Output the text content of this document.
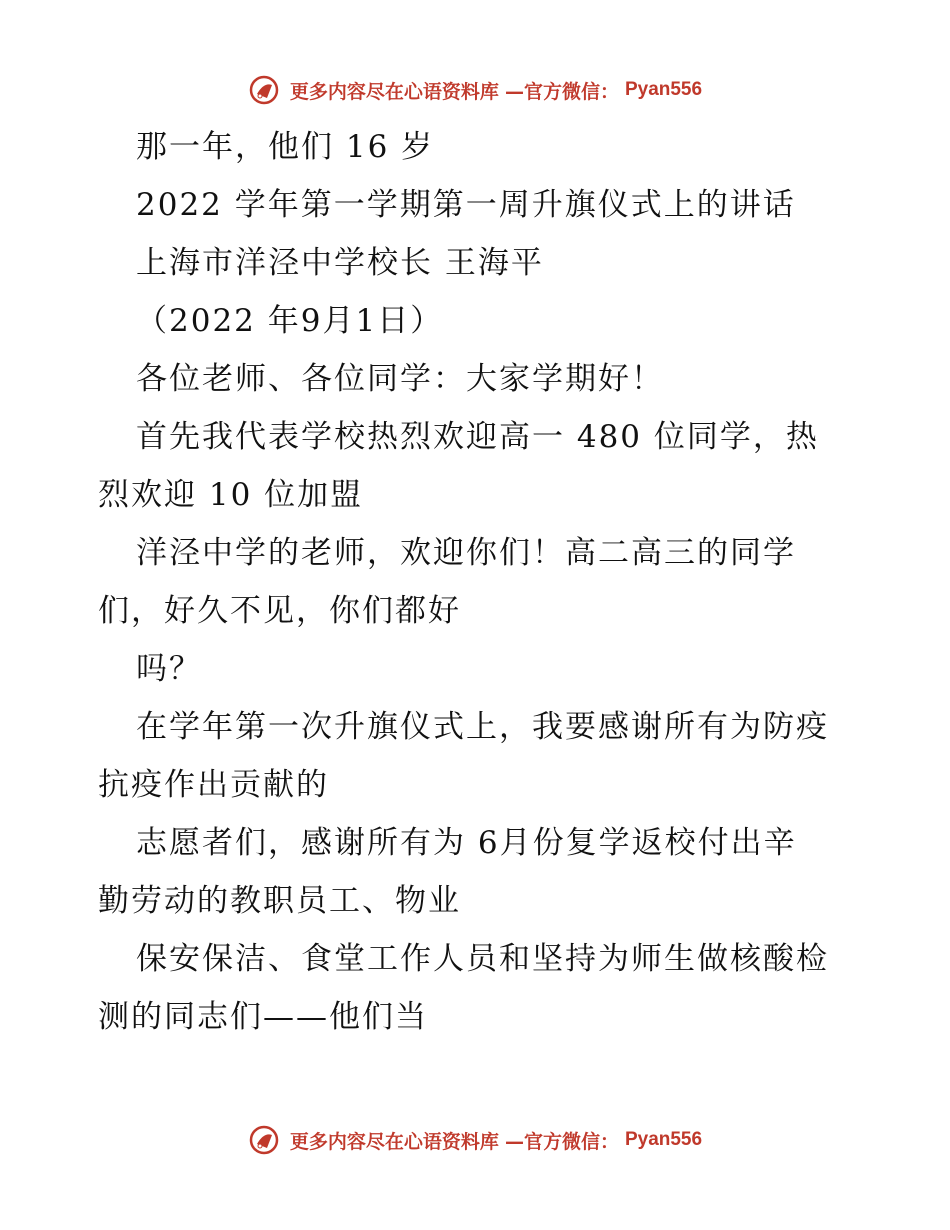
更多内容尽在心语资料库 —官方微信： Pyan556
那一年，他们 16 岁
2022 学年第一学期第一周升旗仪式上的讲话
上海市洋泾中学校长 王海平
（2022 年9月1日）
各位老师、各位同学：大家学期好！
首先我代表学校热烈欢迎高一 480 位同学，热
烈欢迎 10 位加盟
洋泾中学的老师，欢迎你们！高二高三的同学
们，好久不见，你们都好
吗？
在学年第一次升旗仪式上，我要感谢所有为防疫
抗疫作出贡献的
志愿者们，感谢所有为 6月份复学返校付出辛
勤劳动的教职员工、物业
保安保洁、食堂工作人员和坚持为师生做核酸检
测的同志们——他们当
更多内容尽在心语资料库 —官方微信： Pyan556
